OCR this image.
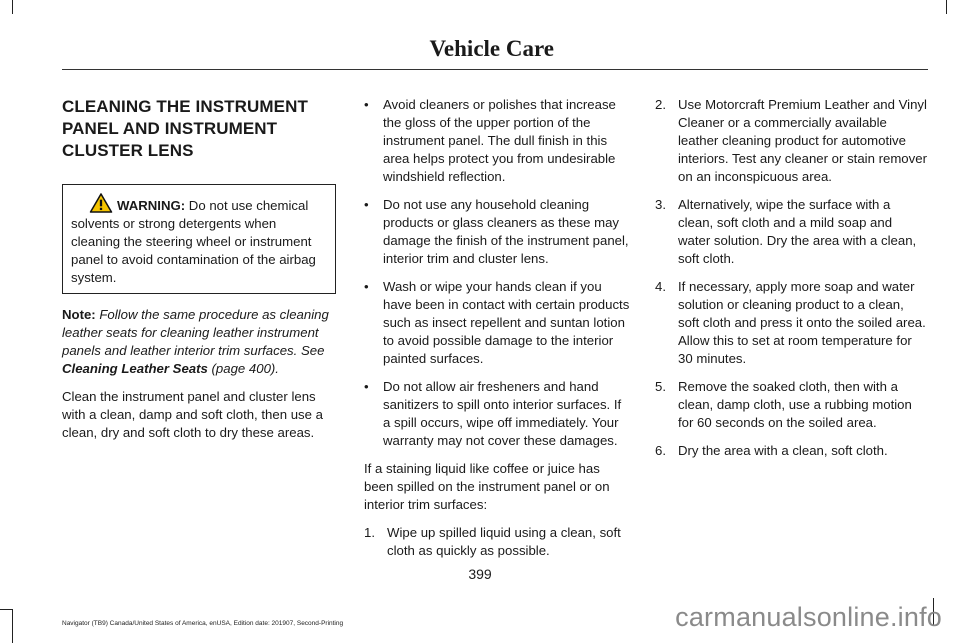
Vehicle Care
CLEANING THE INSTRUMENT
PANEL AND INSTRUMENT
CLUSTER LENS
WARNING: Do not use chemical solvents or strong detergents when cleaning the steering wheel or instrument panel to avoid contamination of the airbag system.

Note: Follow the same procedure as cleaning leather seats for cleaning leather instrument panels and leather interior trim surfaces. See Cleaning Leather Seats (page 400).

Clean the instrument panel and cluster lens with a clean, damp and soft cloth, then use a clean, dry and soft cloth to dry these areas.

• Avoid cleaners or polishes that increase the gloss of the upper portion of the instrument panel. The dull finish in this area helps protect you from undesirable windshield reflection.
• Do not use any household cleaning products or glass cleaners as these may damage the finish of the instrument panel, interior trim and cluster lens.
• Wash or wipe your hands clean if you have been in contact with certain products such as insect repellent and suntan lotion to avoid possible damage to the interior painted surfaces.
• Do not allow air fresheners and hand sanitizers to spill onto interior surfaces. If a spill occurs, wipe off immediately. Your warranty may not cover these damages.

If a staining liquid like coffee or juice has been spilled on the instrument panel or on interior trim surfaces:

1. Wipe up spilled liquid using a clean, soft cloth as quickly as possible.
2. Use Motorcraft Premium Leather and Vinyl Cleaner or a commercially available leather cleaning product for automotive interiors. Test any cleaner or stain remover on an inconspicuous area.
3. Alternatively, wipe the surface with a clean, soft cloth and a mild soap and water solution. Dry the area with a clean, soft cloth.
4. If necessary, apply more soap and water solution or cleaning product to a clean, soft cloth and press it onto the soiled area. Allow this to set at room temperature for 30 minutes.
5. Remove the soaked cloth, then with a clean, damp cloth, use a rubbing motion for 60 seconds on the soiled area.
6. Dry the area with a clean, soft cloth.
399
Navigator (TB9) Canada/United States of America, enUSA, Edition date: 201907, Second-Printing	carmanualsonline.info
